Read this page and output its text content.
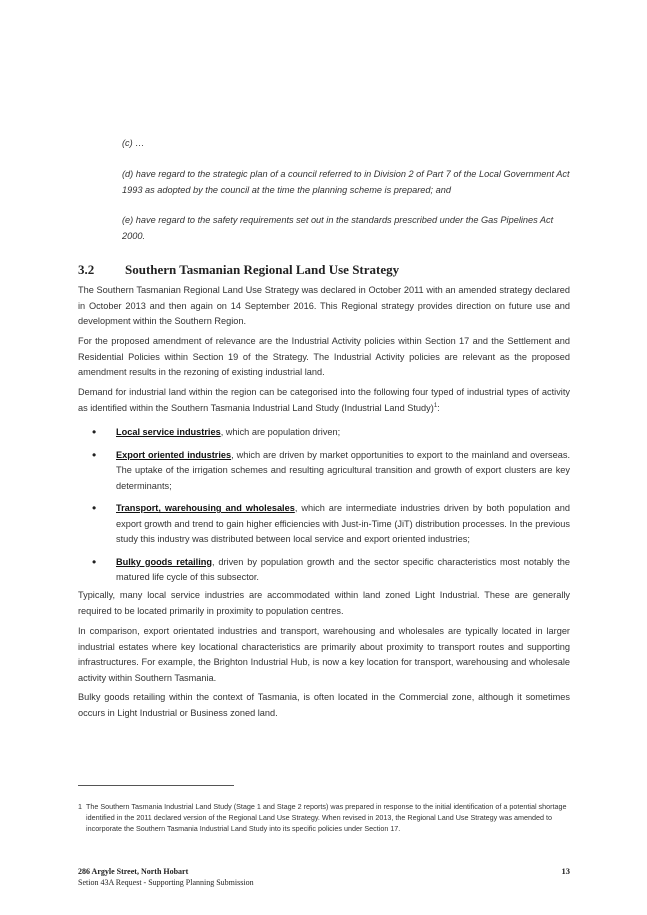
(c) …

(d) have regard to the strategic plan of a council referred to in Division 2 of Part 7 of the Local Government Act 1993 as adopted by the council at the time the planning scheme is prepared; and

(e) have regard to the safety requirements set out in the standards prescribed under the Gas Pipelines Act 2000.

3.2 Southern Tasmanian Regional Land Use Strategy

The Southern Tasmanian Regional Land Use Strategy was declared in October 2011 with an amended strategy declared in October 2013 and then again on 14 September 2016. This Regional strategy provides direction on future use and development within the Southern Region.

For the proposed amendment of relevance are the Industrial Activity policies within Section 17 and the Settlement and Residential Policies within Section 19 of the Strategy. The Industrial Activity policies are relevant as the proposed amendment results in the rezoning of existing industrial land.

Demand for industrial land within the region can be categorised into the following four typed of industrial types of activity as identified within the Southern Tasmania Industrial Land Study (Industrial Land Study)$^1$:

• Local service industries, which are population driven;
• Export oriented industries, which are driven by market opportunities to export to the mainland and overseas. The uptake of the irrigation schemes and resulting agricultural transition and growth of export clusters are key determinants;
• Transport, warehousing and wholesales, which are intermediate industries driven by both population and export growth and trend to gain higher efficiencies with Just-in-Time (JiT) distribution processes. In the previous study this industry was distributed between local service and export oriented industries;
• Bulky goods retailing, driven by population growth and the sector specific characteristics most notably the matured life cycle of this subsector.

Typically, many local service industries are accommodated within land zoned Light Industrial. These are generally required to be located primarily in proximity to population centres.

In comparison, export orientated industries and transport, warehousing and wholesales are typically located in larger industrial estates where key locational characteristics are primarily about proximity to transport routes and supporting infrastructures. For example, the Brighton Industrial Hub, is now a key location for transport, warehousing and wholesale activity within Southern Tasmania.

Bulky goods retailing within the context of Tasmania, is often located in the Commercial zone, although it sometimes occurs in Light Industrial or Business zoned land.

1 The Southern Tasmania Industrial Land Study (Stage 1 and Stage 2 reports) was prepared in response to the initial identification of a potential shortage identified in the 2011 declared version of the Regional Land Use Strategy. When revised in 2013, the Regional Land Use Strategy was amended to incorporate the Southern Tasmania Industrial Land Study into its specific policies under Section 17.

286 Argyle Street, North Hobart
Setion 43A Request - Supporting Planning Submission
13
